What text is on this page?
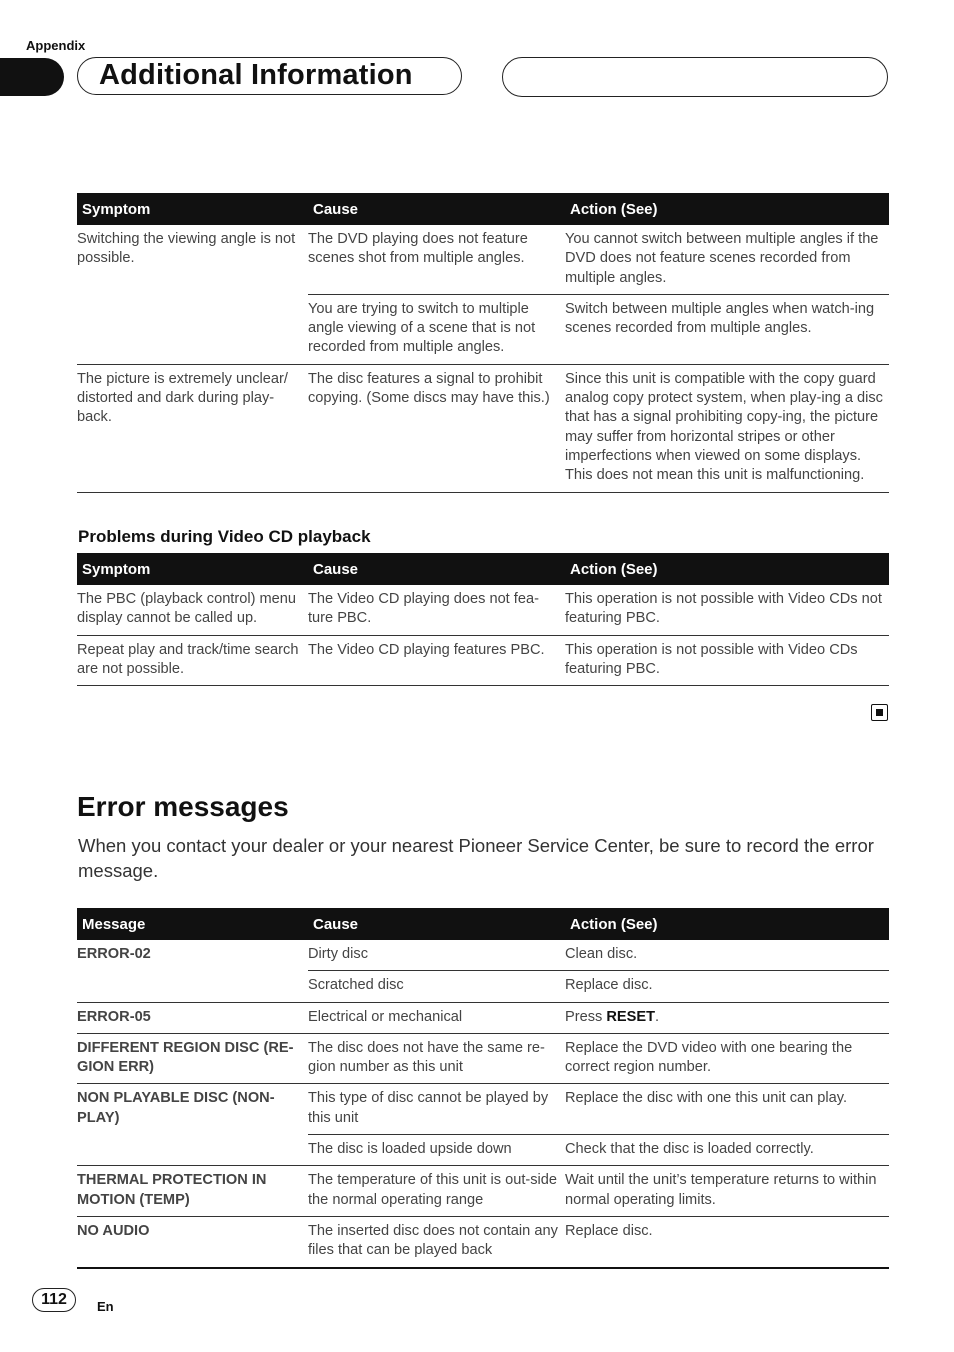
Appendix
Additional Information
Symptom	Cause	Action (See)
Switching the viewing angle is not possible.	The DVD playing does not feature scenes shot from multiple angles.	You cannot switch between multiple angles if the DVD does not feature scenes recorded from multiple angles.
	You are trying to switch to multiple angle viewing of a scene that is not recorded from multiple angles.	Switch between multiple angles when watch-ing scenes recorded from multiple angles.
The picture is extremely unclear/ distorted and dark during play-back.	The disc features a signal to prohibit copying. (Some discs may have this.)	Since this unit is compatible with the copy guard analog copy protect system, when play-ing a disc that has a signal prohibiting copy-ing, the picture may suffer from horizontal stripes or other imperfections when viewed on some displays. This does not mean this unit is malfunctioning.
Problems during Video CD playback
Symptom	Cause	Action (See)
The PBC (playback control) menu display cannot be called up.	The Video CD playing does not fea-ture PBC.	This operation is not possible with Video CDs not featuring PBC.
Repeat play and track/time search are not possible.	The Video CD playing features PBC.	This operation is not possible with Video CDs featuring PBC.
Error messages
When you contact your dealer or your nearest Pioneer Service Center, be sure to record the error message.
Message	Cause	Action (See)
ERROR-02	Dirty disc	Clean disc.
	Scratched disc	Replace disc.
ERROR-05	Electrical or mechanical	Press RESET.
DIFFERENT REGION DISC (RE-GION ERR)	The disc does not have the same re-gion number as this unit	Replace the DVD video with one bearing the correct region number.
NON PLAYABLE DISC (NON-PLAY)	This type of disc cannot be played by this unit	Replace the disc with one this unit can play.
	The disc is loaded upside down	Check that the disc is loaded correctly.
THERMAL PROTECTION IN MOTION (TEMP)	The temperature of this unit is out-side the normal operating range	Wait until the unit’s temperature returns to within normal operating limits.
NO AUDIO	The inserted disc does not contain any files that can be played back	Replace disc.
112	En
